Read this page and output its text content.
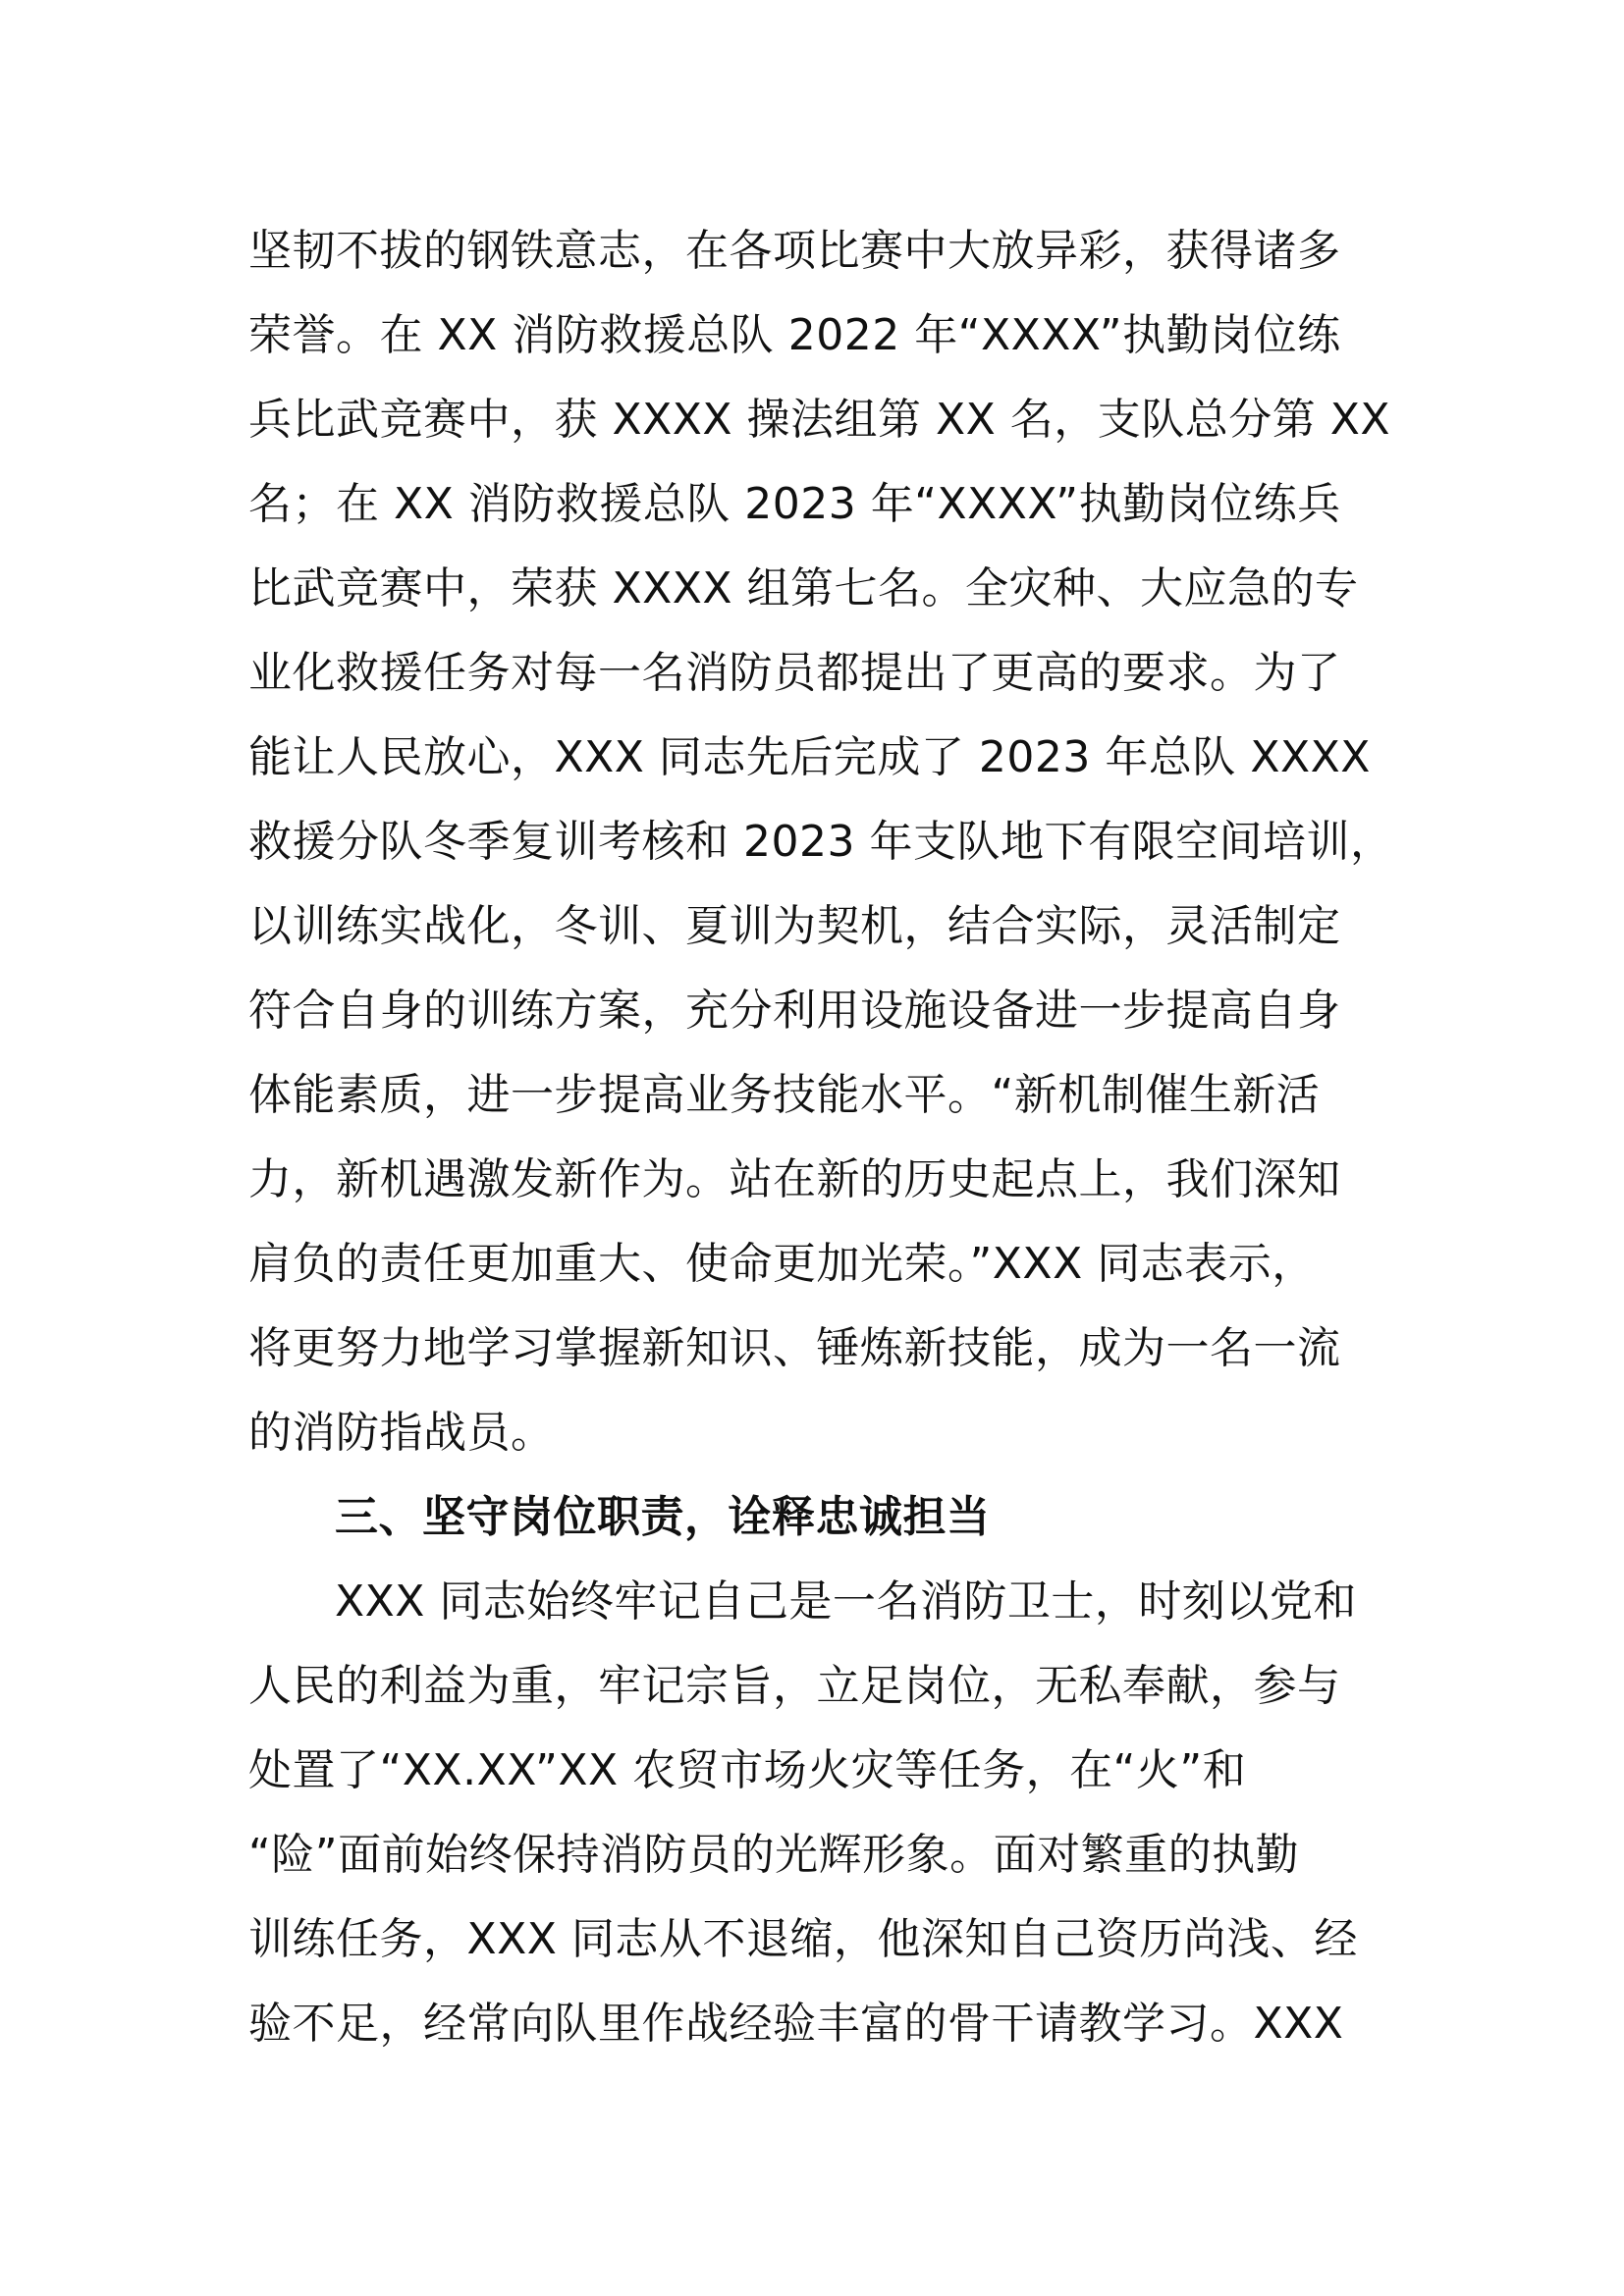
坚韧不拔的钢铁意志，在各项比赛中大放异彩，获得诸多
荣誉。在 XX 消防救援总队 2022 年“XXXX”执勤岗位练
兵比武竞赛中，获 XXXX 操法组第 XX 名，支队总分第 XX
名；在 XX 消防救援总队 2023 年“XXXX”执勤岗位练兵
比武竞赛中，荣获 XXXX 组第七名。全灾种、大应急的专
业化救援任务对每一名消防员都提出了更高的要求。为了
能让人民放心，XXX 同志先后完成了 2023 年总队 XXXX
救援分队冬季复训考核和 2023 年支队地下有限空间培训，
以训练实战化，冬训、夏训为契机，结合实际，灵活制定
符合自身的训练方案，充分利用设施设备进一步提高自身
体能素质，进一步提高业务技能水平。“新机制催生新活
力，新机遇激发新作为。站在新的历史起点上，我们深知
肩负的责任更加重大、使命更加光荣。”XXX 同志表示，
将更努力地学习掌握新知识、锤炼新技能，成为一名一流
的消防指战员。
三、坚守岗位职责，诠释忠诚担当
XXX 同志始终牢记自己是一名消防卫士，时刻以党和
人民的利益为重，牢记宗旨，立足岗位，无私奉献，参与
处置了“XX.XX”XX 农贸市场火灾等任务，在“火”和
“险”面前始终保持消防员的光辉形象。面对繁重的执勤
训练任务，XXX 同志从不退缩，他深知自己资历尚浅、经
验不足，经常向队里作战经验丰富的骨干请教学习。XXX
